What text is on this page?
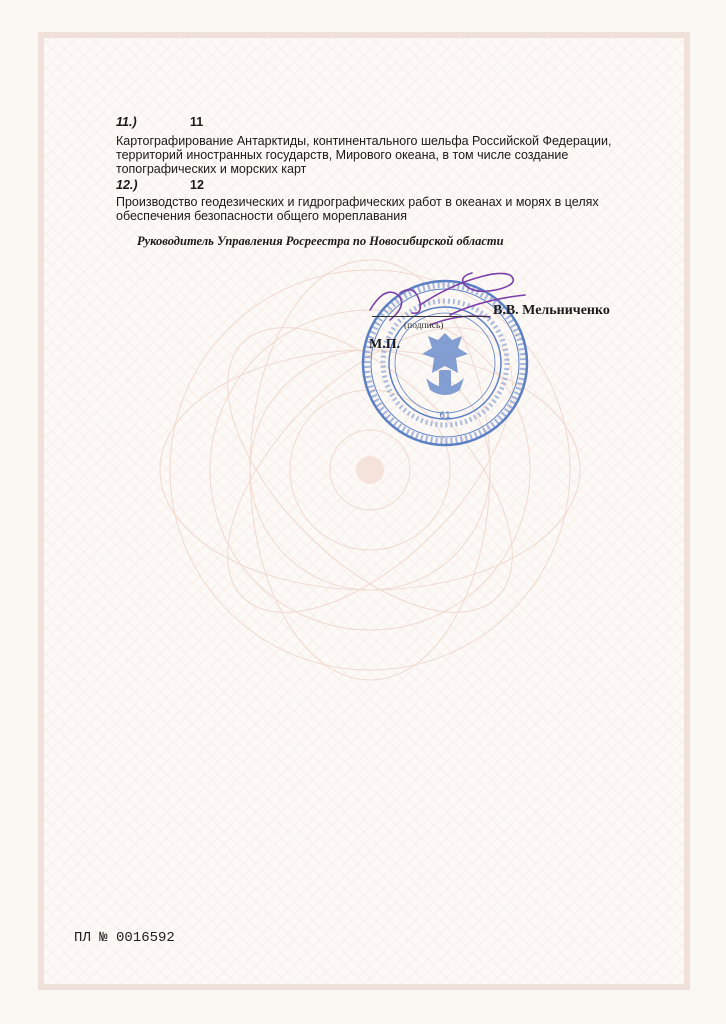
11.)	11
Картографирование Антарктиды, континентального шельфа Российской Федерации, территорий иностранных государств, Мирового океана, в том числе создание топографических и морских карт
12.)	12
Производство геодезических и гидрографических работ в океанах и морях в целях обеспечения безопасности общего мореплавания
Руководитель Управления Росреестра по Новосибирской области
61
В.В. Мельниченко
(подпись)
М.П.
ПЛ № 0016592
